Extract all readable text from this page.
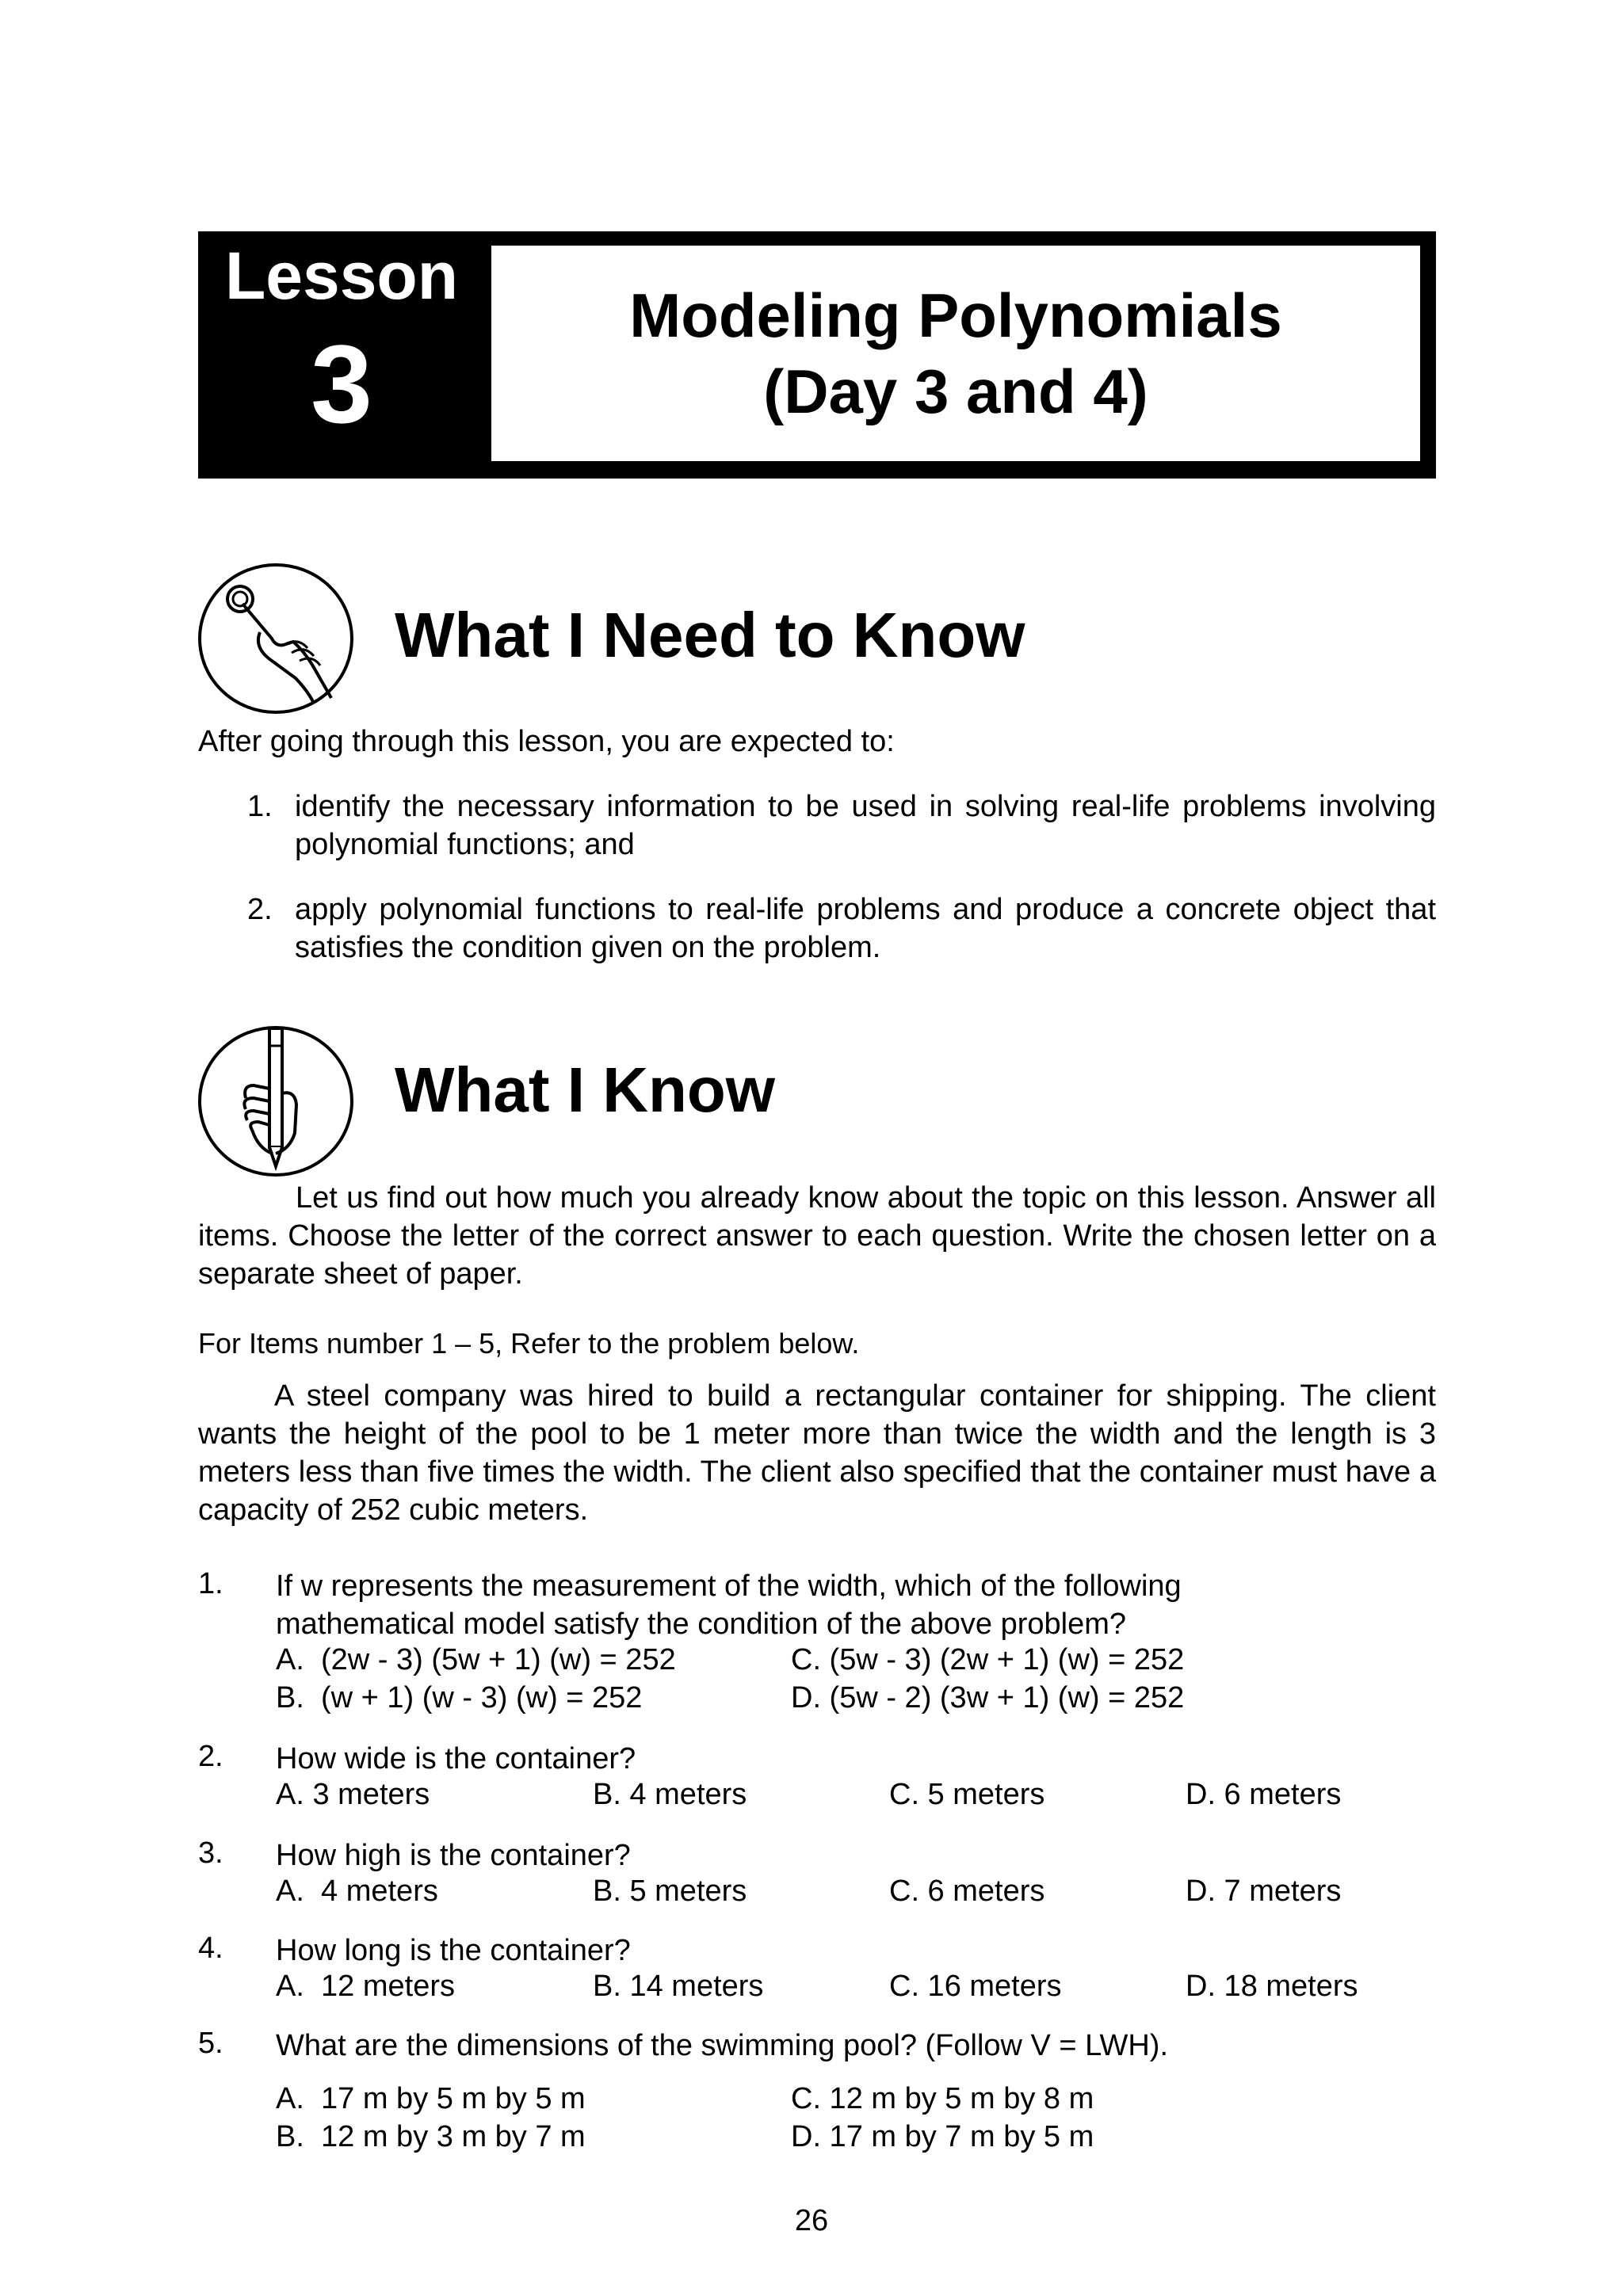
Lesson
3
Modeling Polynomials
(Day 3 and 4)
What I Need to Know
After going through this lesson, you are expected to:
1. identify the necessary information to be used in solving real-life problems involving polynomial functions; and
2. apply polynomial functions to real-life problems and produce a concrete object that satisfies the condition given on the problem.
What I Know
Let us find out how much you already know about the topic on this lesson. Answer all items. Choose the letter of the correct answer to each question. Write the chosen letter on a separate sheet of paper.
For Items number 1 – 5, Refer to the problem below.
A steel company was hired to build a rectangular container for shipping. The client wants the height of the pool to be 1 meter more than twice the width and the length is 3 meters less than five times the width. The client also specified that the container must have a capacity of 252 cubic meters.
1. If w represents the measurement of the width, which of the following mathematical model satisfy the condition of the above problem?
A.  (2w - 3) (5w + 1) (w) = 252	C. (5w - 3) (2w + 1) (w) = 252
B.  (w + 1) (w - 3) (w) = 252	D. (5w - 2) (3w + 1) (w) = 252
2. How wide is the container?
A. 3 meters	B. 4 meters	C. 5 meters	D. 6 meters
3. How high is the container?
A.  4 meters	B. 5 meters	C. 6 meters	D. 7 meters
4. How long is the container?
A.  12 meters	B. 14 meters	C. 16 meters	D. 18 meters
5. What are the dimensions of the swimming pool? (Follow V = LWH).
A.  17 m by 5 m by 5 m	C. 12 m by 5 m by 8 m
B.  12 m by 3 m by 7 m	D. 17 m by 7 m by 5 m
26
